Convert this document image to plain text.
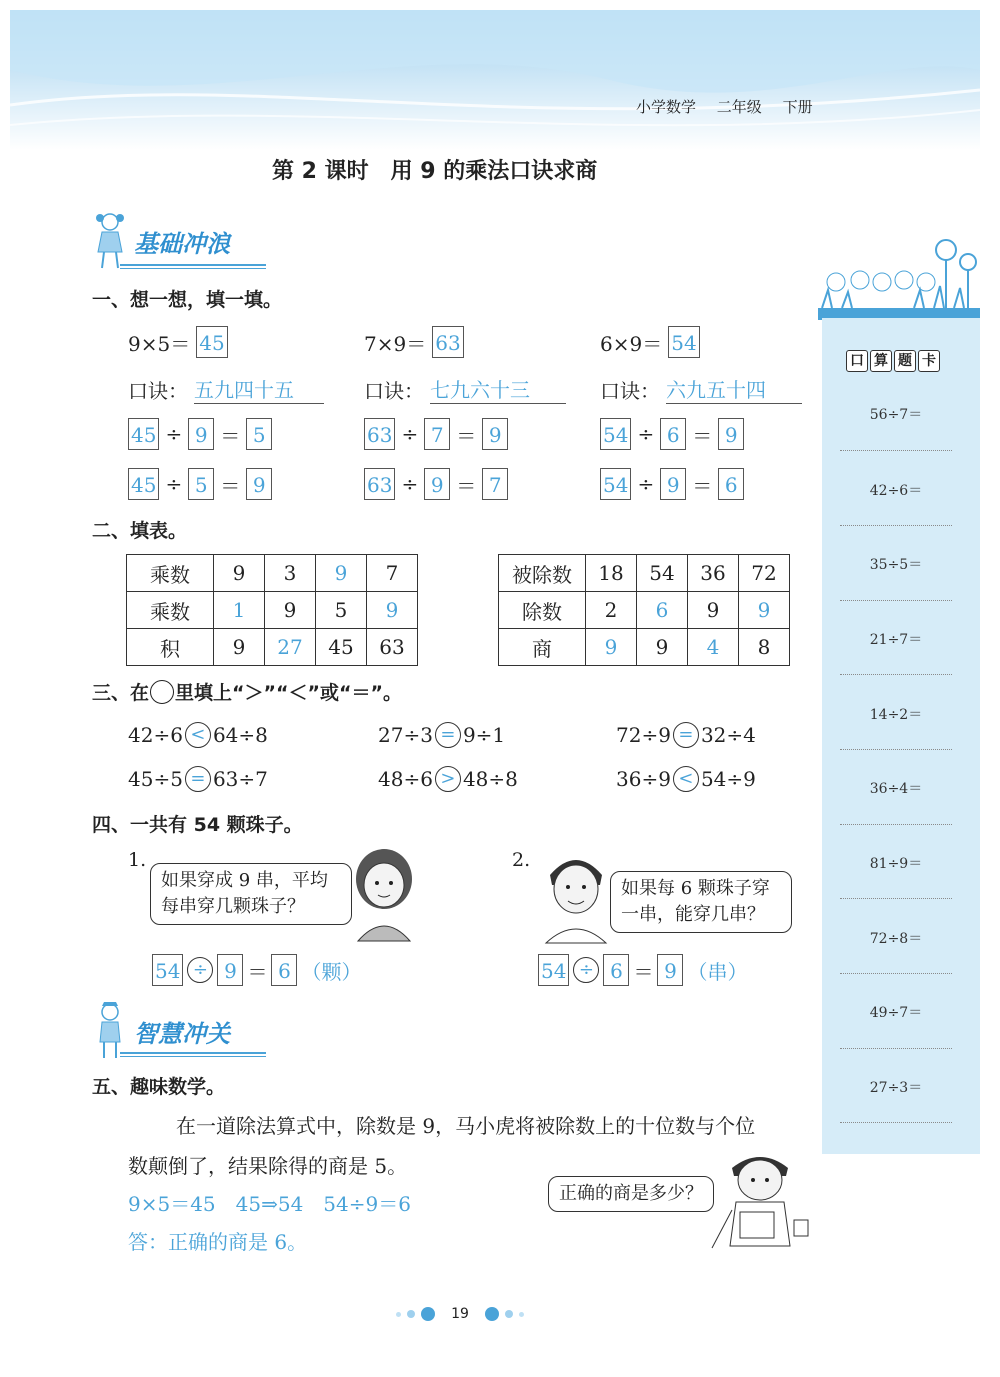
小学数学 二年级 下册
第 2 课时　用 9 的乘法口诀求商
基础冲浪
一、想一想，填一填。
9×5＝ 45
口诀： 五九四十五
45 ÷ 9 ＝ 5
45 ÷ 5 ＝ 9
7×9＝ 63
口诀： 七九六十三
63 ÷ 7 ＝ 9
63 ÷ 9 ＝ 7
6×9＝ 54
口诀： 六九五十四
54 ÷ 6 ＝ 9
54 ÷ 9 ＝ 6
二、填表。
乘数	9	3	9	7
乘数	1	9	5	9
积	9	27	45	63
被除数	18	54	36	72
除数	2	6	9	9
商	9	9	4	8
三、在 里填上“＞”“＜”或“＝”。
42÷6 < 64÷8	27÷3 = 9÷1	72÷9 = 32÷4
45÷5 = 63÷7	48÷6 > 48÷8	36÷9 < 54÷9
四、一共有 54 颗珠子。
1.
如果穿成 9 串，平均
每串穿几颗珠子？
54 ÷ 9 ＝ 6 （颗）
2.
如果每 6 颗珠子穿
一串，能穿几串？
54 ÷ 6 ＝ 9 （串）
智慧冲关
五、趣味数学。
在一道除法算式中，除数是 9，马小虎将被除数上的十位数与个位
数颠倒了，结果除得的商是 5。
9×5＝45　45⇒54　54÷9＝6
答：正确的商是 6。
正确的商是多少？
口 算 题 卡
56÷7＝
42÷6＝
35÷5＝
21÷7＝
14÷2＝
36÷4＝
81÷9＝
72÷8＝
49÷7＝
27÷3＝
19
